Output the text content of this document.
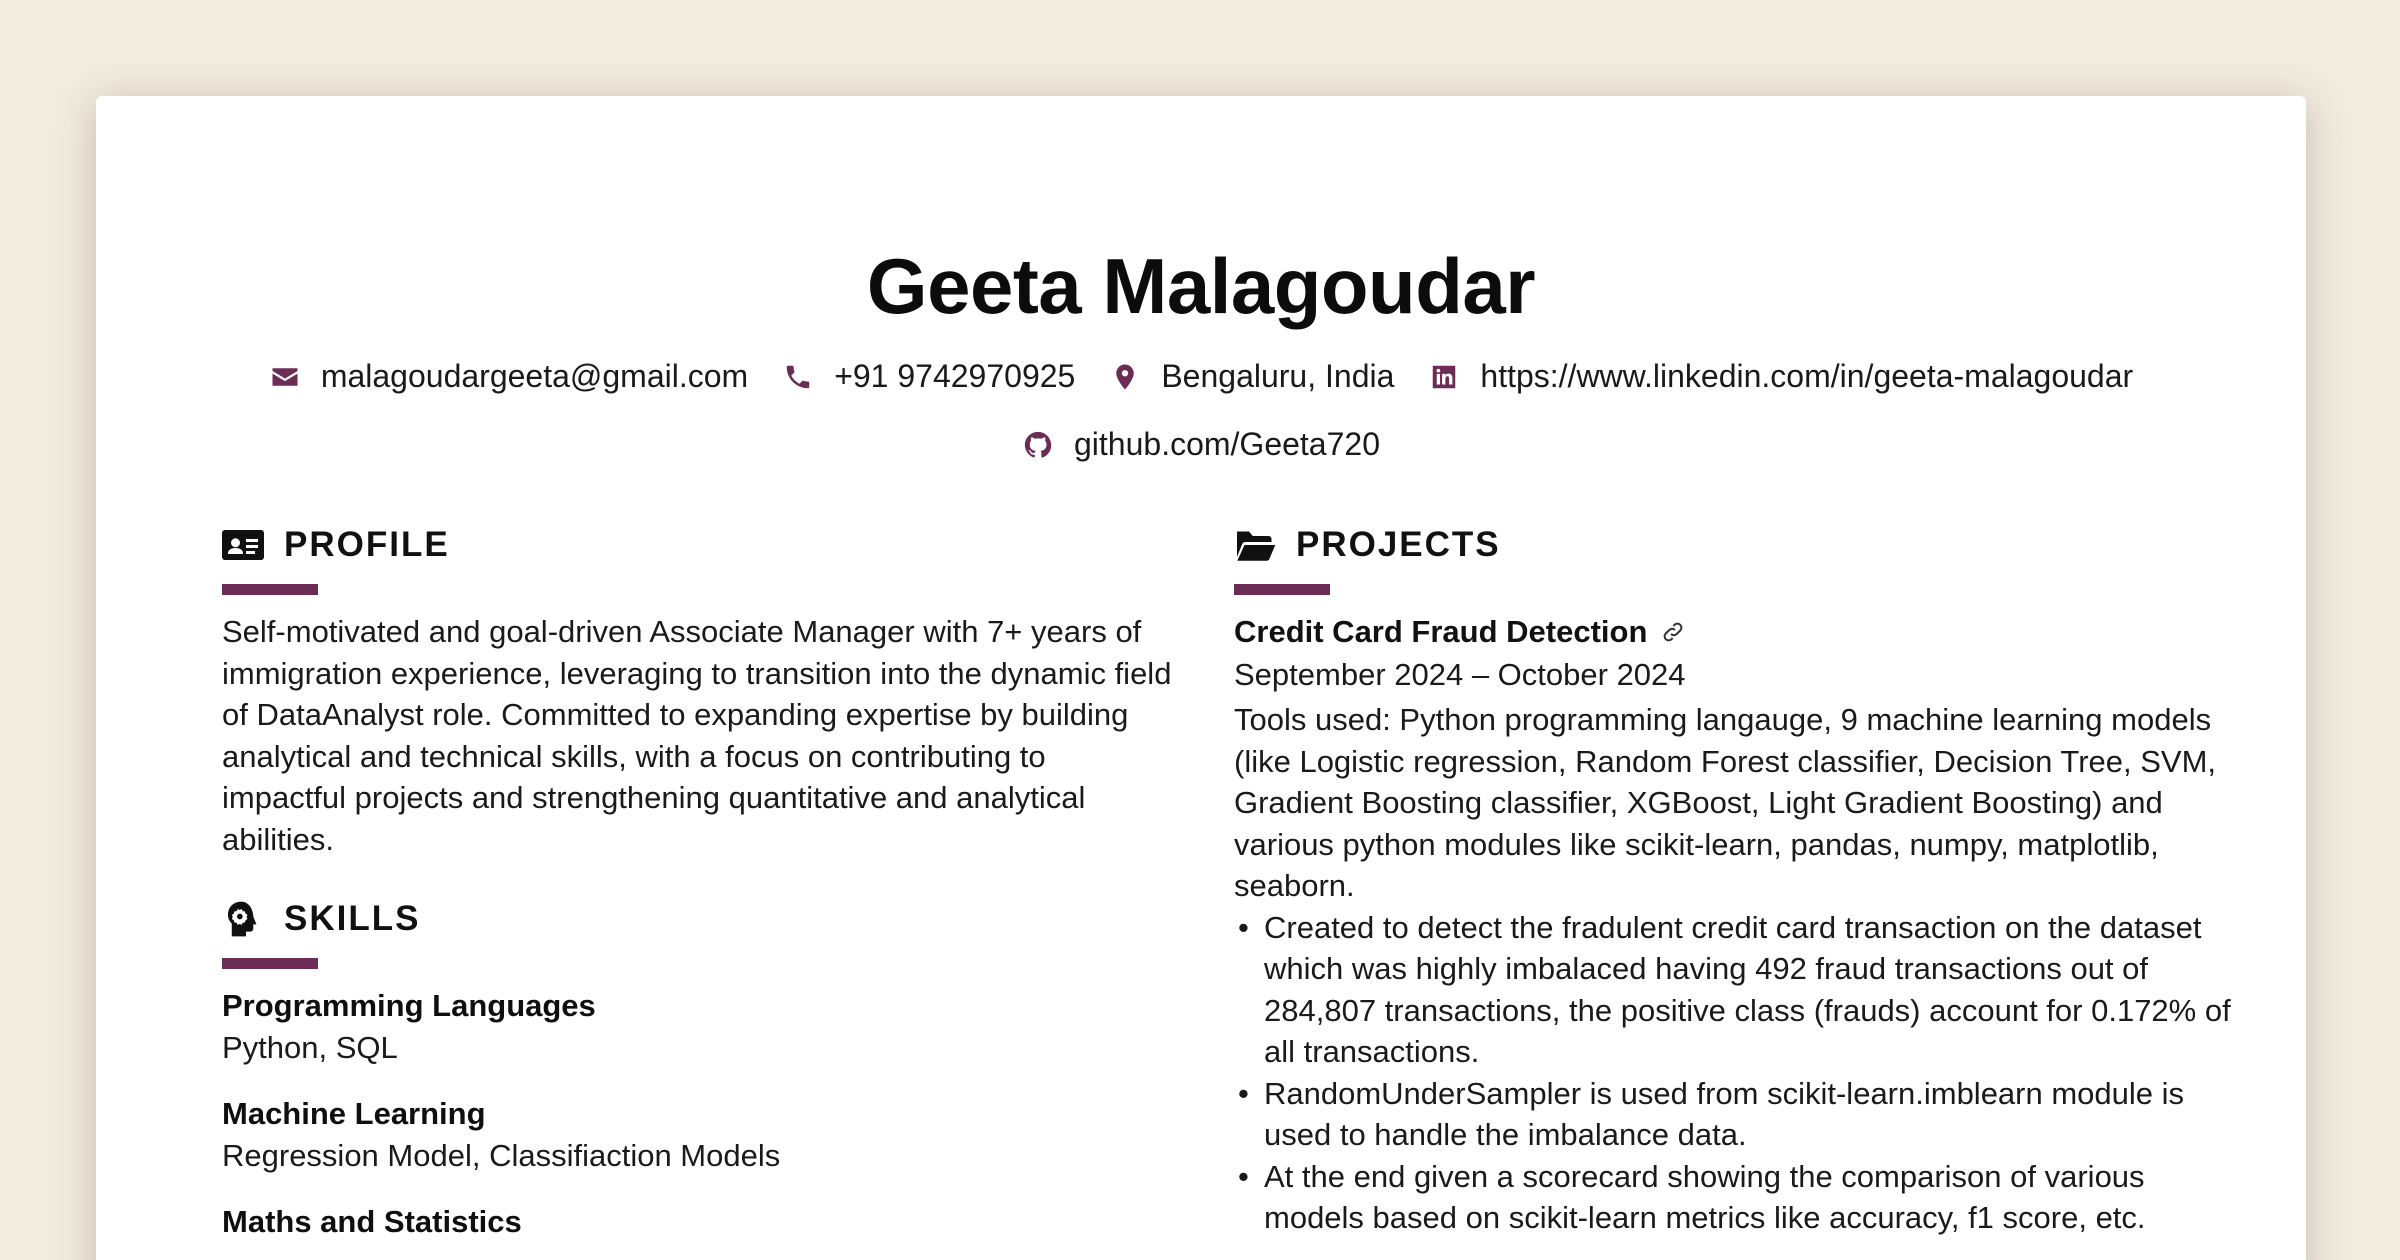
Geeta Malagoudar
malagoudargeeta@gmail.com	+91 9742970925	Bengaluru, India	https://www.linkedin.com/in/geeta-malagoudar
github.com/Geeta720
PROFILE

Self-motivated and goal-driven Associate Manager with 7+ years of immigration experience, leveraging to transition into the dynamic field of DataAnalyst role. Committed to expanding expertise by building analytical and technical skills, with a focus on contributing to impactful projects and strengthening quantitative and analytical abilities.

SKILLS
Programming Languages
Python, SQL
Machine Learning
Regression Model, Classifiaction Models
Maths and Statistics
PROJECTS
Credit Card Fraud Detection
September 2024 – October 2024

Tools used: Python programming langauge, 9 machine learning models (like Logistic regression, Random Forest classifier, Decision Tree, SVM, Gradient Boosting classifier, XGBoost, Light Gradient Boosting) and various python modules like scikit-learn, pandas, numpy, matplotlib, seaborn.

• Created to detect the fradulent credit card transaction on the dataset which was highly imbalaced having 492 fraud transactions out of 284,807 transactions, the positive class (frauds) account for 0.172% of all transactions.
• RandomUnderSampler is used from scikit-learn.imblearn module is used to handle the imbalance data.
• At the end given a scorecard showing the comparison of various models based on scikit-learn metrics like accuracy, f1 score, etc.
